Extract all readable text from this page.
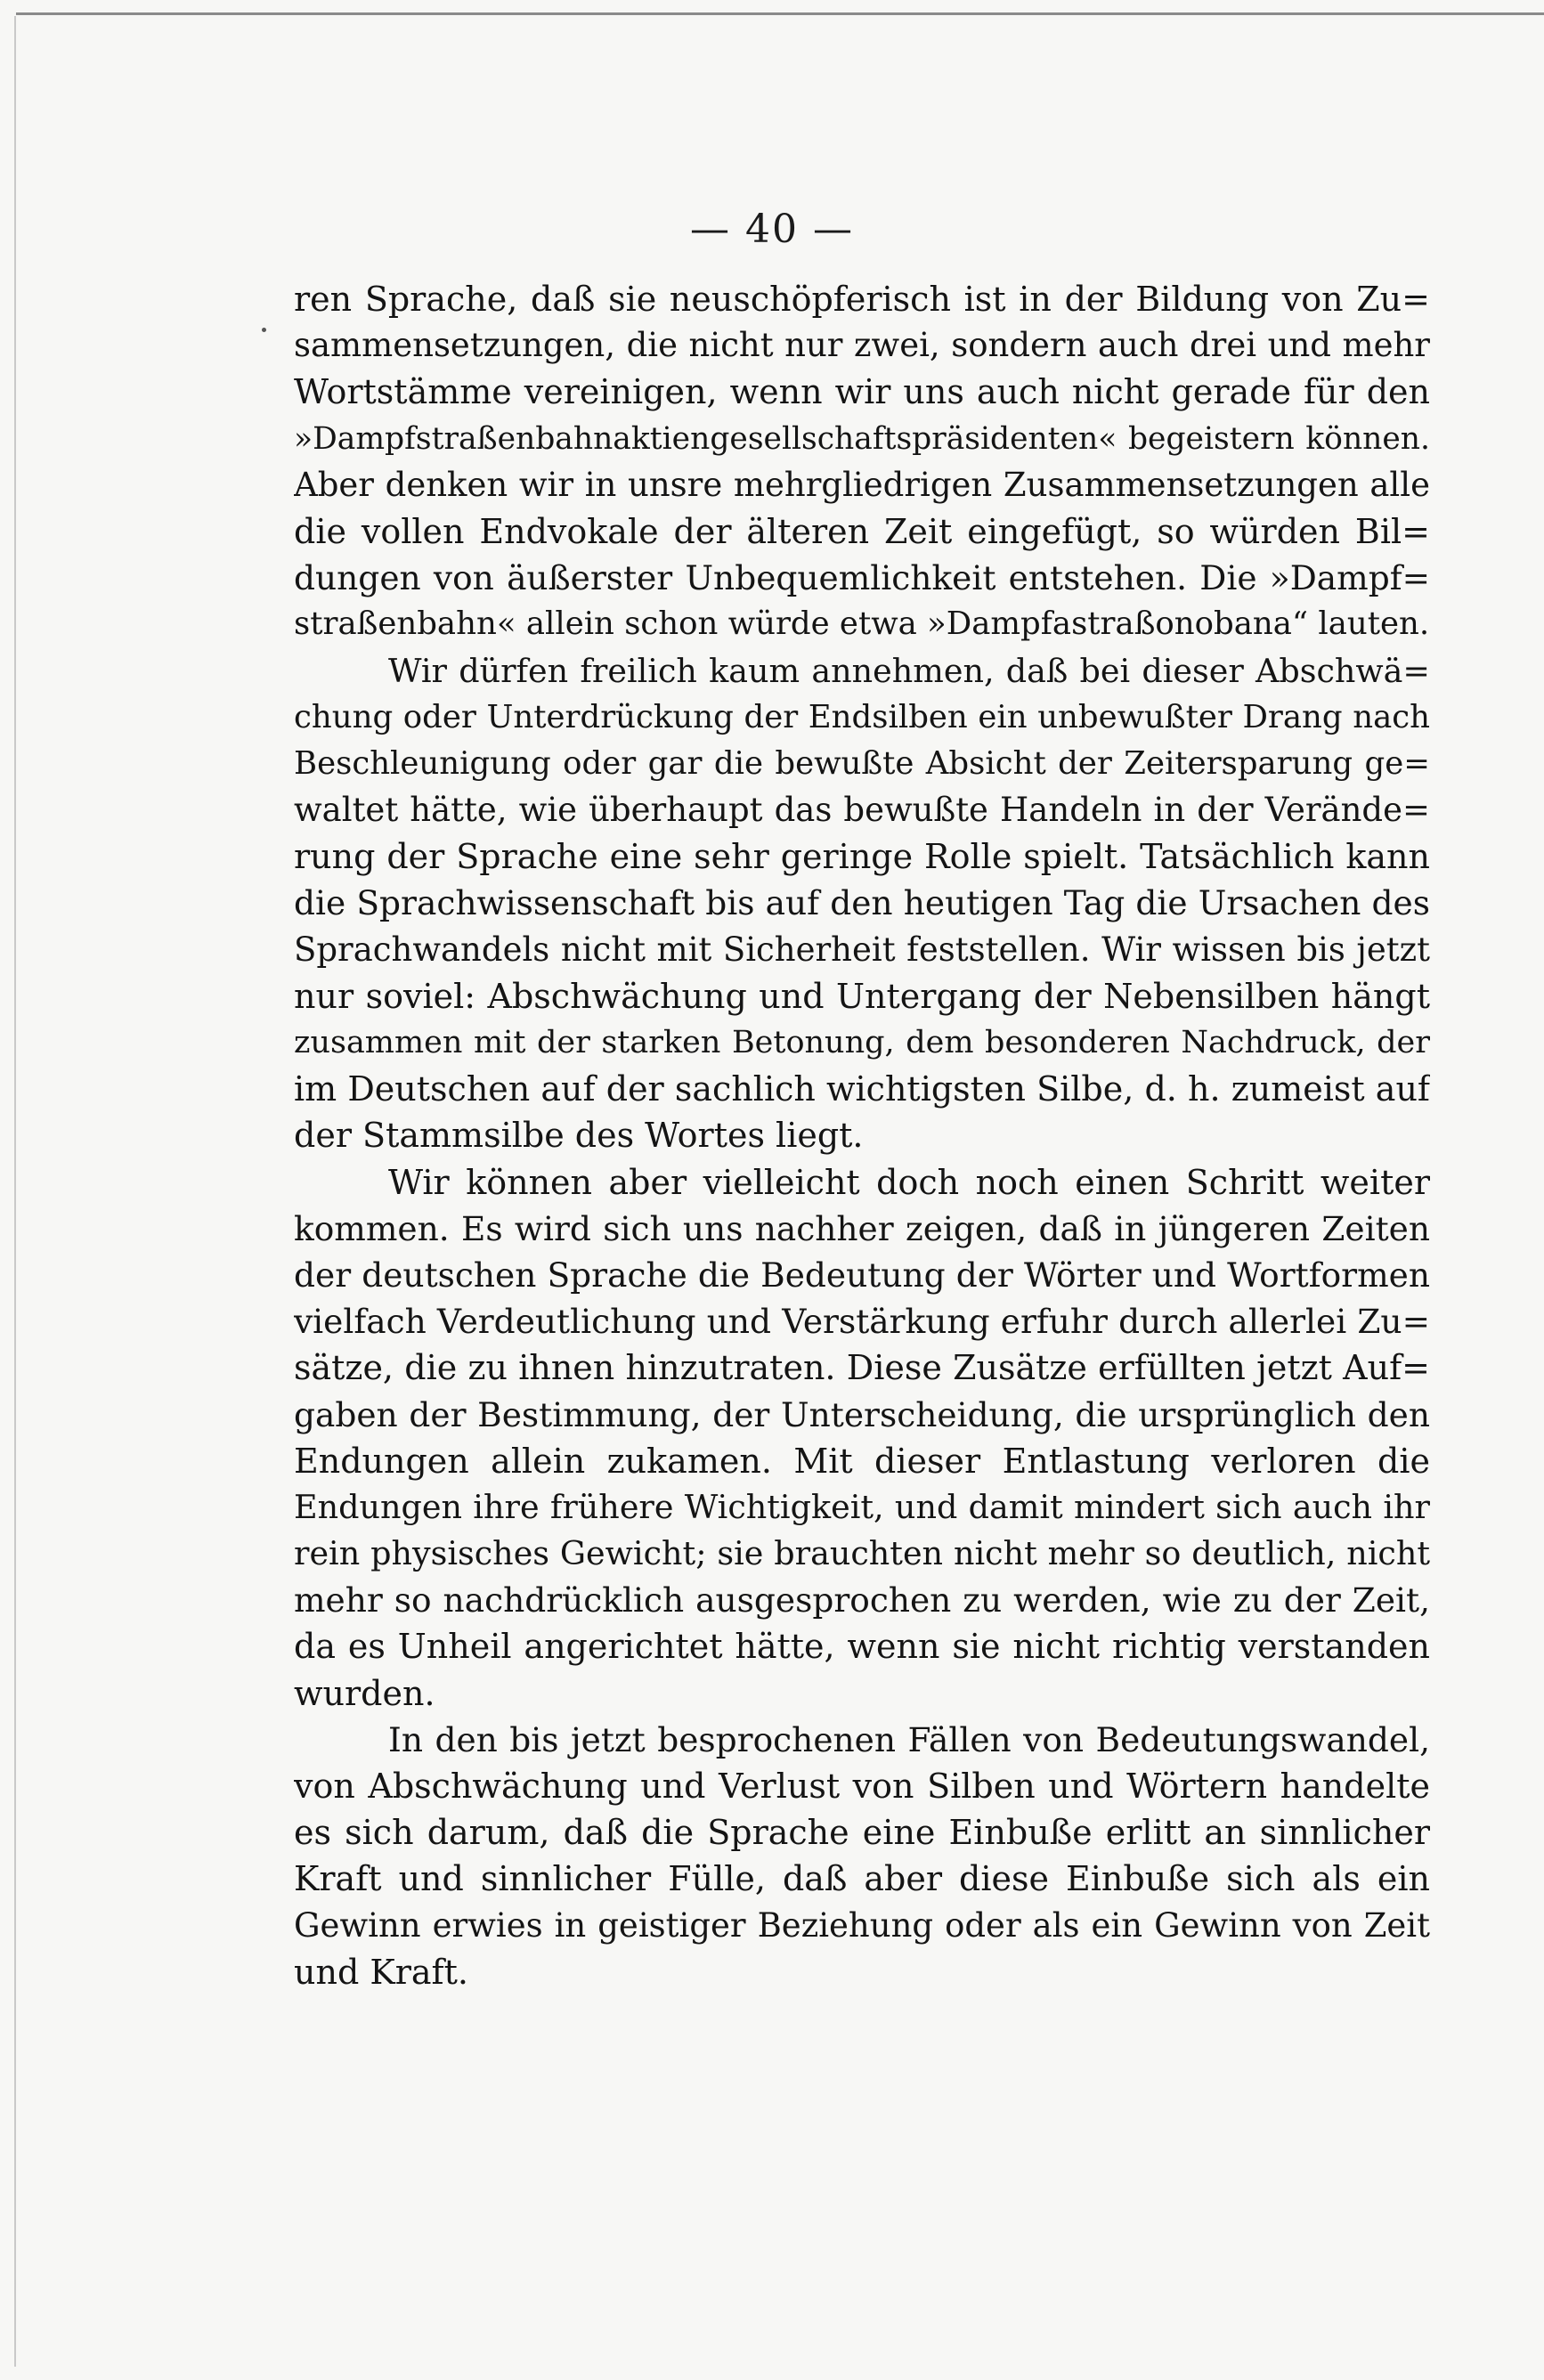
— 40 —
ren Sprache, daß sie neuschöpferisch ist in der Bildung von Zu=
sammensetzungen, die nicht nur zwei, sondern auch drei und mehr
Wortstämme vereinigen, wenn wir uns auch nicht gerade für den
»Dampfstraßenbahnaktiengesellschaftspräsidenten« begeistern können.
Aber denken wir in unsre mehrgliedrigen Zusammensetzungen alle
die vollen Endvokale der älteren Zeit eingefügt, so würden Bil=
dungen von äußerster Unbequemlichkeit entstehen. Die »Dampf=
straßenbahn« allein schon würde etwa »Dampfastraßonobana“ lauten.
Wir dürfen freilich kaum annehmen, daß bei dieser Abschwä=
chung oder Unterdrückung der Endsilben ein unbewußter Drang nach
Beschleunigung oder gar die bewußte Absicht der Zeitersparung ge=
waltet hätte, wie überhaupt das bewußte Handeln in der Verände=
rung der Sprache eine sehr geringe Rolle spielt. Tatsächlich kann
die Sprachwissenschaft bis auf den heutigen Tag die Ursachen des
Sprachwandels nicht mit Sicherheit feststellen. Wir wissen bis jetzt
nur soviel: Abschwächung und Untergang der Nebensilben hängt
zusammen mit der starken Betonung, dem besonderen Nachdruck, der
im Deutschen auf der sachlich wichtigsten Silbe, d. h. zumeist auf
der Stammsilbe des Wortes liegt.
Wir können aber vielleicht doch noch einen Schritt weiter
kommen. Es wird sich uns nachher zeigen, daß in jüngeren Zeiten
der deutschen Sprache die Bedeutung der Wörter und Wortformen
vielfach Verdeutlichung und Verstärkung erfuhr durch allerlei Zu=
sätze, die zu ihnen hinzutraten. Diese Zusätze erfüllten jetzt Auf=
gaben der Bestimmung, der Unterscheidung, die ursprünglich den
Endungen allein zukamen. Mit dieser Entlastung verloren die
Endungen ihre frühere Wichtigkeit, und damit mindert sich auch ihr
rein physisches Gewicht; sie brauchten nicht mehr so deutlich, nicht
mehr so nachdrücklich ausgesprochen zu werden, wie zu der Zeit,
da es Unheil angerichtet hätte, wenn sie nicht richtig verstanden
wurden.
In den bis jetzt besprochenen Fällen von Bedeutungswandel,
von Abschwächung und Verlust von Silben und Wörtern handelte
es sich darum, daß die Sprache eine Einbuße erlitt an sinnlicher
Kraft und sinnlicher Fülle, daß aber diese Einbuße sich als ein
Gewinn erwies in geistiger Beziehung oder als ein Gewinn von Zeit
und Kraft.
